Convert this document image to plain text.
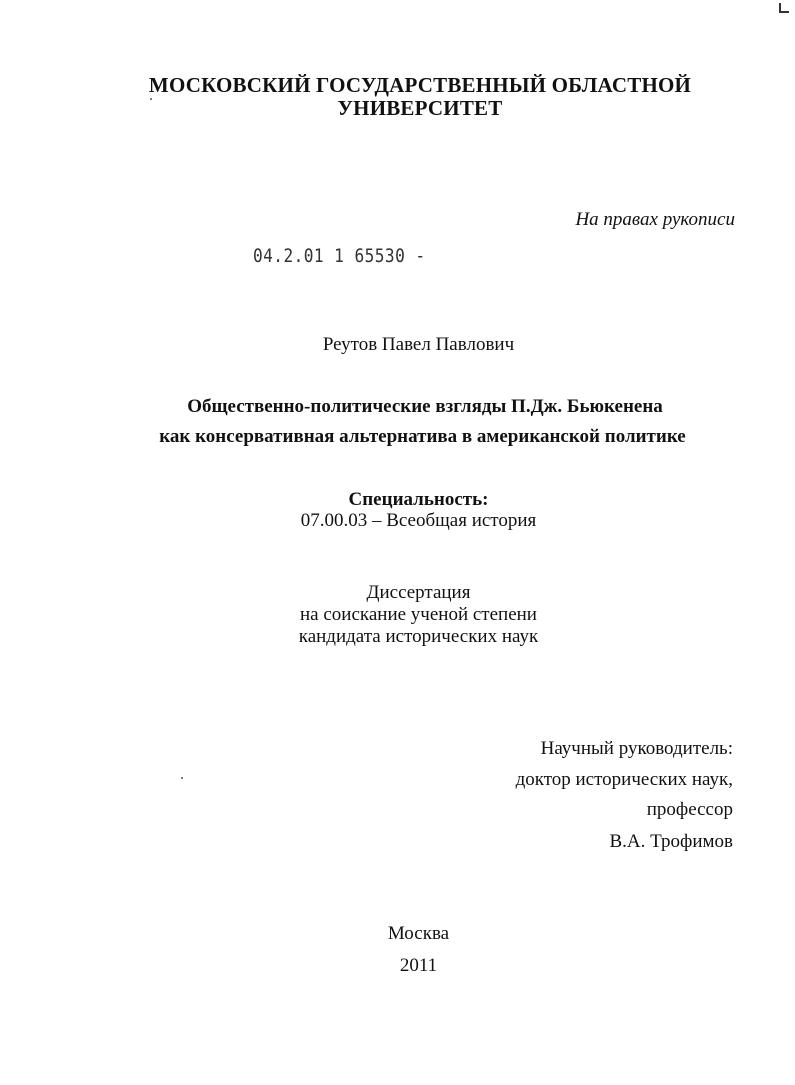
МОСКОВСКИЙ ГОСУДАРСТВЕННЫЙ ОБЛАСТНОЙ
УНИВЕРСИТЕТ
На правах рукописи
04.2.01 1 65530 -
Реутов Павел Павлович
Общественно-политические взгляды П.Дж. Бьюкенена
как консервативная альтернатива в американской политике
Специальность:
07.00.03 – Всеобщая история
Диссертация
на соискание ученой степени
кандидата исторических наук
Научный руководитель:
доктор исторических наук,
профессор
В.А. Трофимов
Москва
2011
